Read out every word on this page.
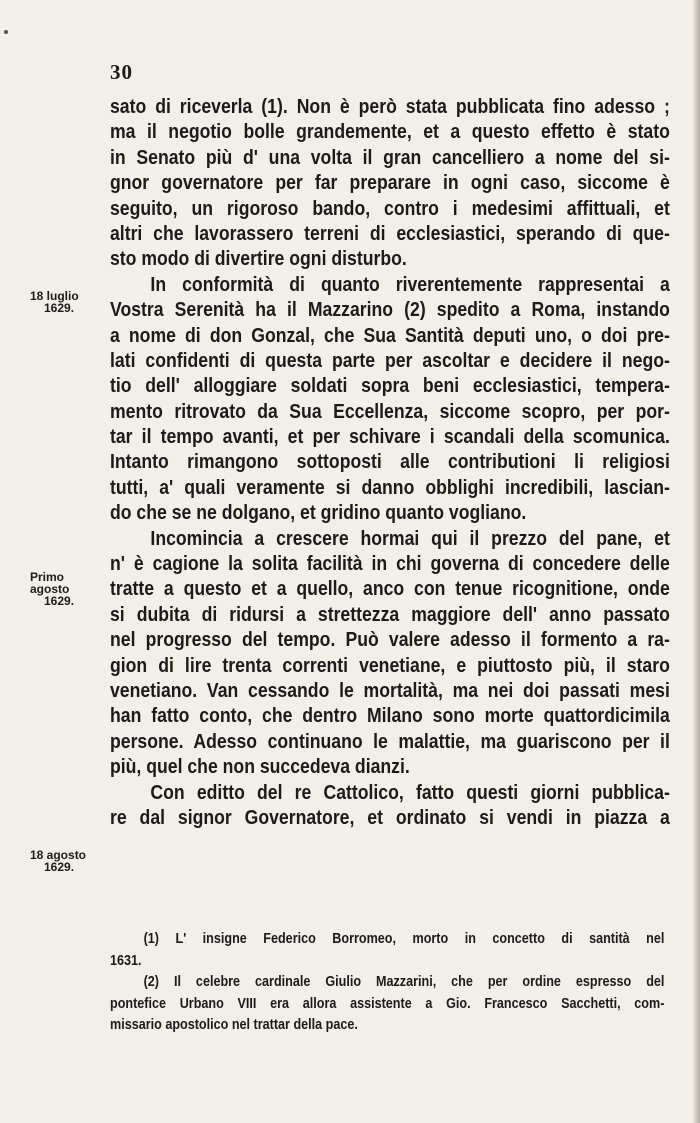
30
sato di riceverla (1). Non è però stata pubblicata fino adesso ;
ma il negotio bolle grandemente, et a questo effetto è stato
in Senato più d' una volta il gran cancelliero a nome del si-
gnor governatore per far preparare in ogni caso, siccome è
seguito, un rigoroso bando, contro i medesimi affittuali, et
altri che lavorassero terreni di ecclesiastici, sperando di que-
sto modo di divertire ogni disturbo.
In conformità di quanto riverentemente rappresentai a
Vostra Serenità ha il Mazzarino (2) spedito a Roma, instando
a nome di don Gonzal, che Sua Santità deputi uno, o doi pre-
lati confidenti di questa parte per ascoltar e decidere il nego-
tio dell' alloggiare soldati sopra beni ecclesiastici, tempera-
mento ritrovato da Sua Eccellenza, siccome scopro, per por-
tar il tempo avanti, et per schivare i scandali della scomunica.
Intanto rimangono sottoposti alle contributioni li religiosi
tutti, a' quali veramente si danno obblighi incredibili, lascian-
do che se ne dolgano, et gridino quanto vogliano.
Incomincia a crescere hormai qui il prezzo del pane, et
n' è cagione la solita facilità in chi governa di concedere delle
tratte a questo et a quello, anco con tenue ricognitione, onde
si dubita di ridursi a strettezza maggiore dell' anno passato
nel progresso del tempo. Può valere adesso il formento a ra-
gion di lire trenta correnti venetiane, e piuttosto più, il staro
venetiano. Van cessando le mortalità, ma nei doi passati mesi
han fatto conto, che dentro Milano sono morte quattordicimila
persone. Adesso continuano le malattie, ma guariscono per il
più, quel che non succedeva dianzi.
Con editto del re Cattolico, fatto questi giorni pubblica-
re dal signor Governatore, et ordinato si vendi in piazza a
18 luglio
1629.
Primo agosto
1629.
18 agosto
1629.
(1) L' insigne Federico Borromeo, morto in concetto di santità nel
1631.
(2) Il celebre cardinale Giulio Mazzarini, che per ordine espresso del
pontefice Urbano VIII era allora assistente a Gio. Francesco Sacchetti, com-
missario apostolico nel trattar della pace.
